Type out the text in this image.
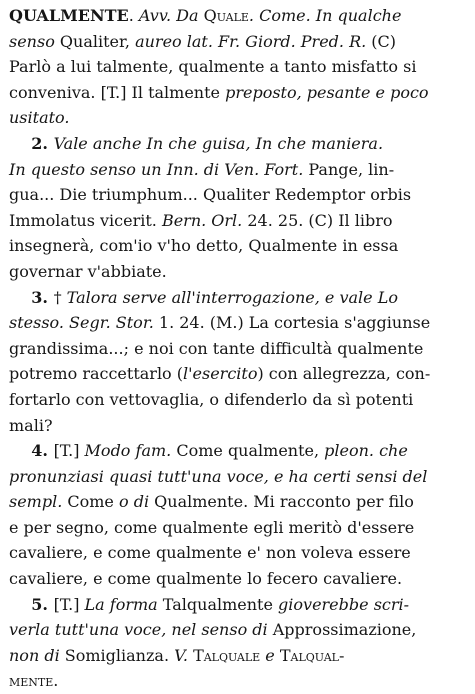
QUALMENTE. Avv. Da Quale. Come. In qualche
senso Qualiter, aureo lat. Fr. Giord. Pred. R. (C)
Parlò a lui talmente, qualmente a tanto misfatto si
conveniva. [T.] Il talmente preposto, pesante e poco
usitato.
2. Vale anche In che guisa, In che maniera.
In questo senso un Inn. di Ven. Fort. Pange, lin-
gua... Die triumphum... Qualiter Redemptor orbis
Immolatus vicerit. Bern. Orl. 24. 25. (C) Il libro
insegnerà, com'io v'ho detto, Qualmente in essa
governar v'abbiate.
3. † Talora serve all'interrogazione, e vale Lo
stesso. Segr. Stor. 1. 24. (M.) La cortesia s'aggiunse
grandissima...; e noi con tante difficultà qualmente
potremo raccettarlo (l'esercito) con allegrezza, con-
fortarlo con vettovaglia, o difenderlo da sì potenti
mali?
4. [T.] Modo fam. Come qualmente, pleon. che
pronunziasi quasi tutt'una voce, e ha certi sensi del
sempl. Come o di Qualmente. Mi racconto per filo
e per segno, come qualmente egli meritò d'essere
cavaliere, e come qualmente e' non voleva essere
cavaliere, e come qualmente lo fecero cavaliere.
5. [T.] La forma Talqualmente gioverebbe scri-
verla tutt'una voce, nel senso di Approssimazione,
non di Somiglianza. V. Talquale e Talqual-
mente.
